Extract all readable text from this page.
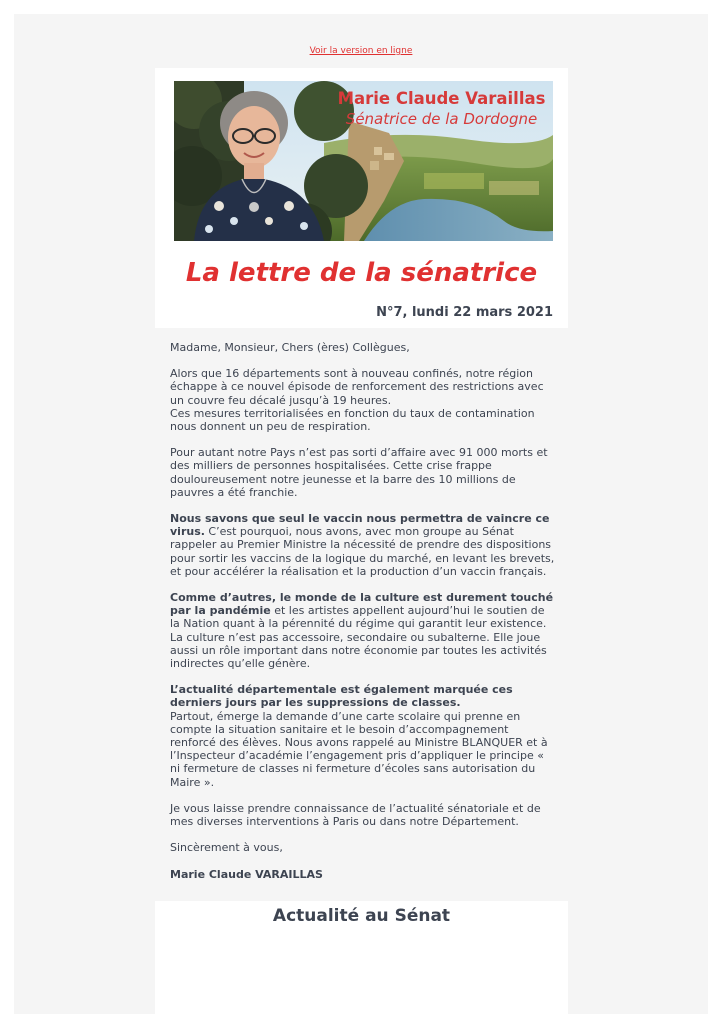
Voir la version en ligne
Marie Claude Varaillas
Sénatrice de la Dordogne
La lettre de la sénatrice
N°7, lundi 22 mars 2021

Madame, Monsieur, Chers (ères) Collègues,

Alors que 16 départements sont à nouveau confinés, notre région échappe à ce nouvel épisode de renforcement des restrictions avec un couvre feu décalé jusqu’à 19 heures.
Ces mesures territorialisées en fonction du taux de contamination nous donnent un peu de respiration.

Pour autant notre Pays n’est pas sorti d’affaire avec 91 000 morts et des milliers de personnes hospitalisées. Cette crise frappe douloureusement notre jeunesse et la barre des 10 millions de pauvres a été franchie.

Nous savons que seul le vaccin nous permettra de vaincre ce virus. C’est pourquoi, nous avons, avec mon groupe au Sénat rappeler au Premier Ministre la nécessité de prendre des dispositions pour sortir les vaccins de la logique du marché, en levant les brevets, et pour accélérer la réalisation et la production d’un vaccin français.

Comme d’autres, le monde de la culture est durement touché par la pandémie et les artistes appellent aujourd’hui le soutien de la Nation quant à la pérennité du régime qui garantit leur existence.
La culture n’est pas accessoire, secondaire ou subalterne. Elle joue aussi un rôle important dans notre économie par toutes les activités indirectes qu’elle génère.

L’actualité départementale est également marquée ces derniers jours par les suppressions de classes.
Partout, émerge la demande d’une carte scolaire qui prenne en compte la situation sanitaire et le besoin d’accompagnement renforcé des élèves. Nous avons rappelé au Ministre BLANQUER et à l’Inspecteur d’académie l’engagement pris d’appliquer le principe « ni fermeture de classes ni fermeture d’écoles sans autorisation du Maire ».

Je vous laisse prendre connaissance de l’actualité sénatoriale et de mes diverses interventions à Paris ou dans notre Département.

Sincèrement à vous,

Marie Claude VARAILLAS

Actualité au Sénat
